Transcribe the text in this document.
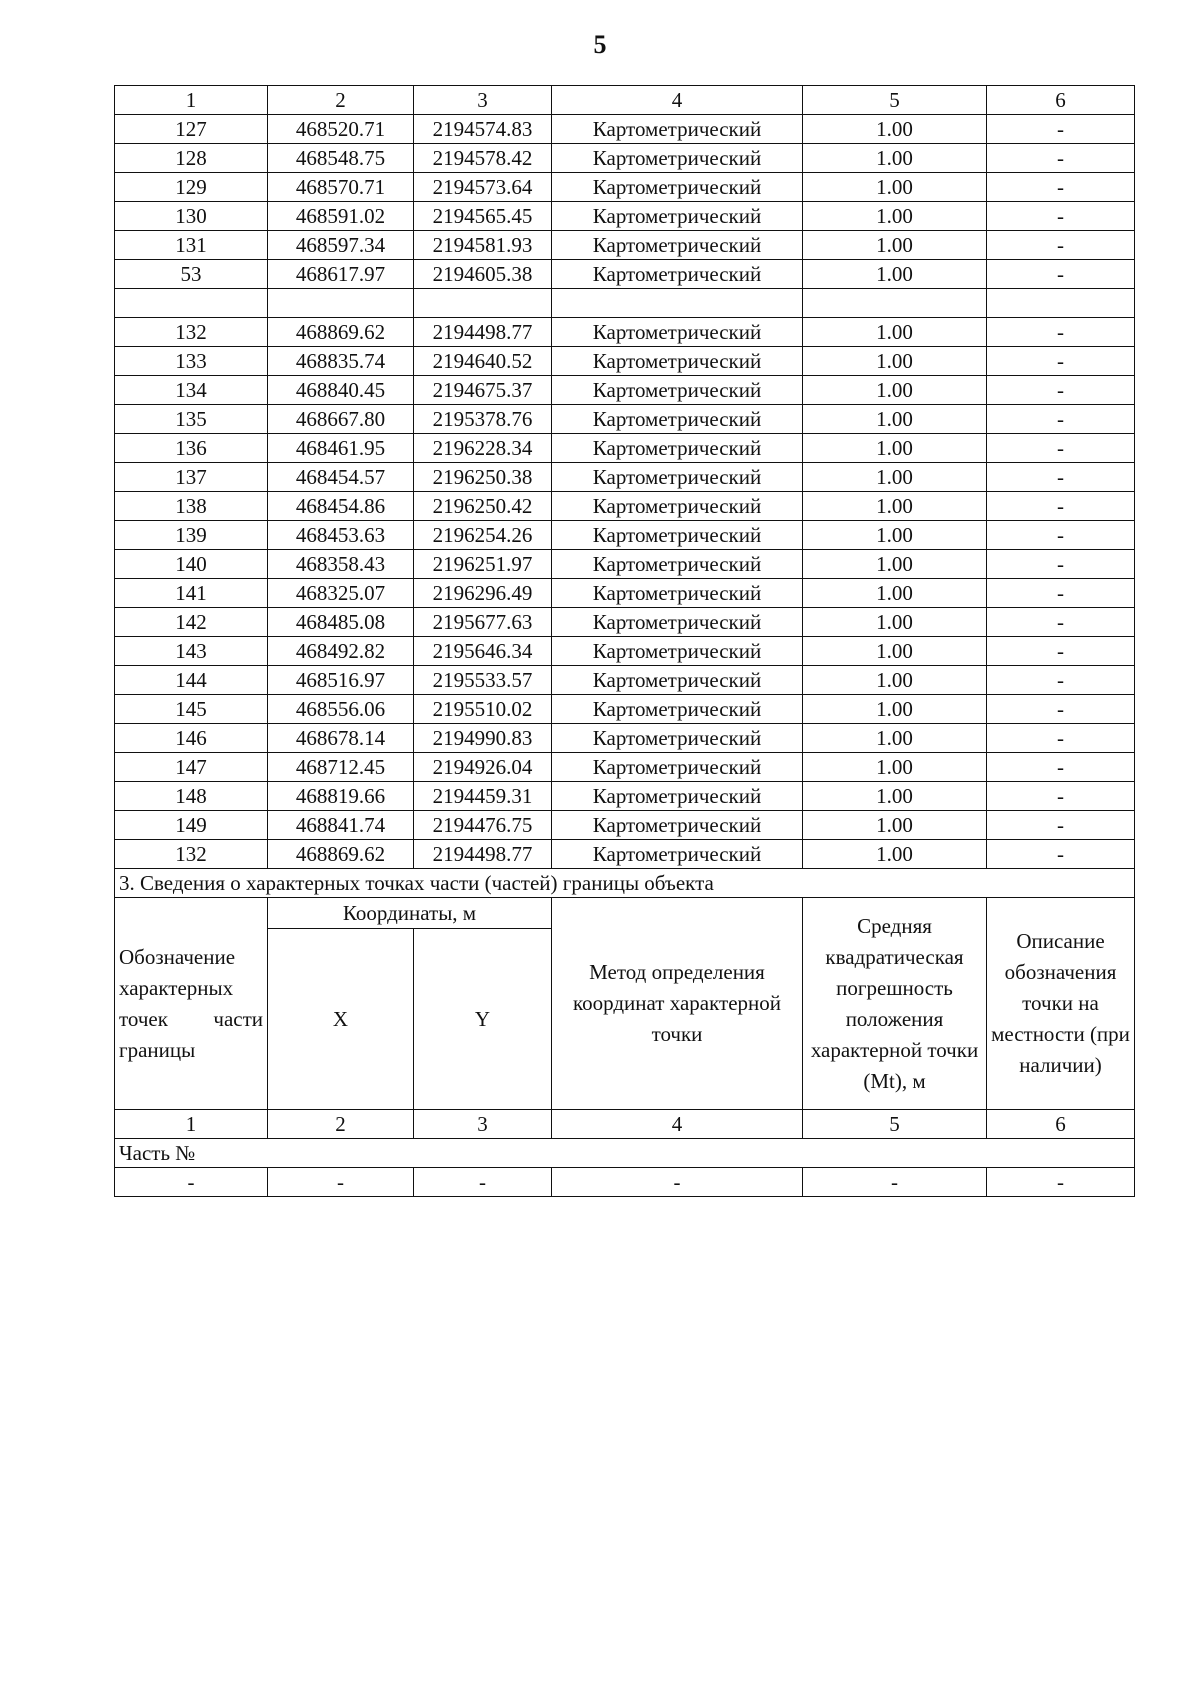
5
1	2	3	4	5	6
127	468520.71	2194574.83	Картометрический	1.00	-
128	468548.75	2194578.42	Картометрический	1.00	-
129	468570.71	2194573.64	Картометрический	1.00	-
130	468591.02	2194565.45	Картометрический	1.00	-
131	468597.34	2194581.93	Картометрический	1.00	-
53	468617.97	2194605.38	Картометрический	1.00	-

132	468869.62	2194498.77	Картометрический	1.00	-
133	468835.74	2194640.52	Картометрический	1.00	-
134	468840.45	2194675.37	Картометрический	1.00	-
135	468667.80	2195378.76	Картометрический	1.00	-
136	468461.95	2196228.34	Картометрический	1.00	-
137	468454.57	2196250.38	Картометрический	1.00	-
138	468454.86	2196250.42	Картометрический	1.00	-
139	468453.63	2196254.26	Картометрический	1.00	-
140	468358.43	2196251.97	Картометрический	1.00	-
141	468325.07	2196296.49	Картометрический	1.00	-
142	468485.08	2195677.63	Картометрический	1.00	-
143	468492.82	2195646.34	Картометрический	1.00	-
144	468516.97	2195533.57	Картометрический	1.00	-
145	468556.06	2195510.02	Картометрический	1.00	-
146	468678.14	2194990.83	Картометрический	1.00	-
147	468712.45	2194926.04	Картометрический	1.00	-
148	468819.66	2194459.31	Картометрический	1.00	-
149	468841.74	2194476.75	Картометрический	1.00	-
132	468869.62	2194498.77	Картометрический	1.00	-
3. Сведения о характерных точках части (частей) границы объекта					
Обозначение характерных точек части границы	Координаты, м		Метод определения координат характерной точки	Средняя квадратическая погрешность положения характерной точки (Mt), м	Описание обозначения точки на местности (при наличии)
	X	Y			
1	2	3	4	5	6
Часть №					
-	-	-	-	-	-
